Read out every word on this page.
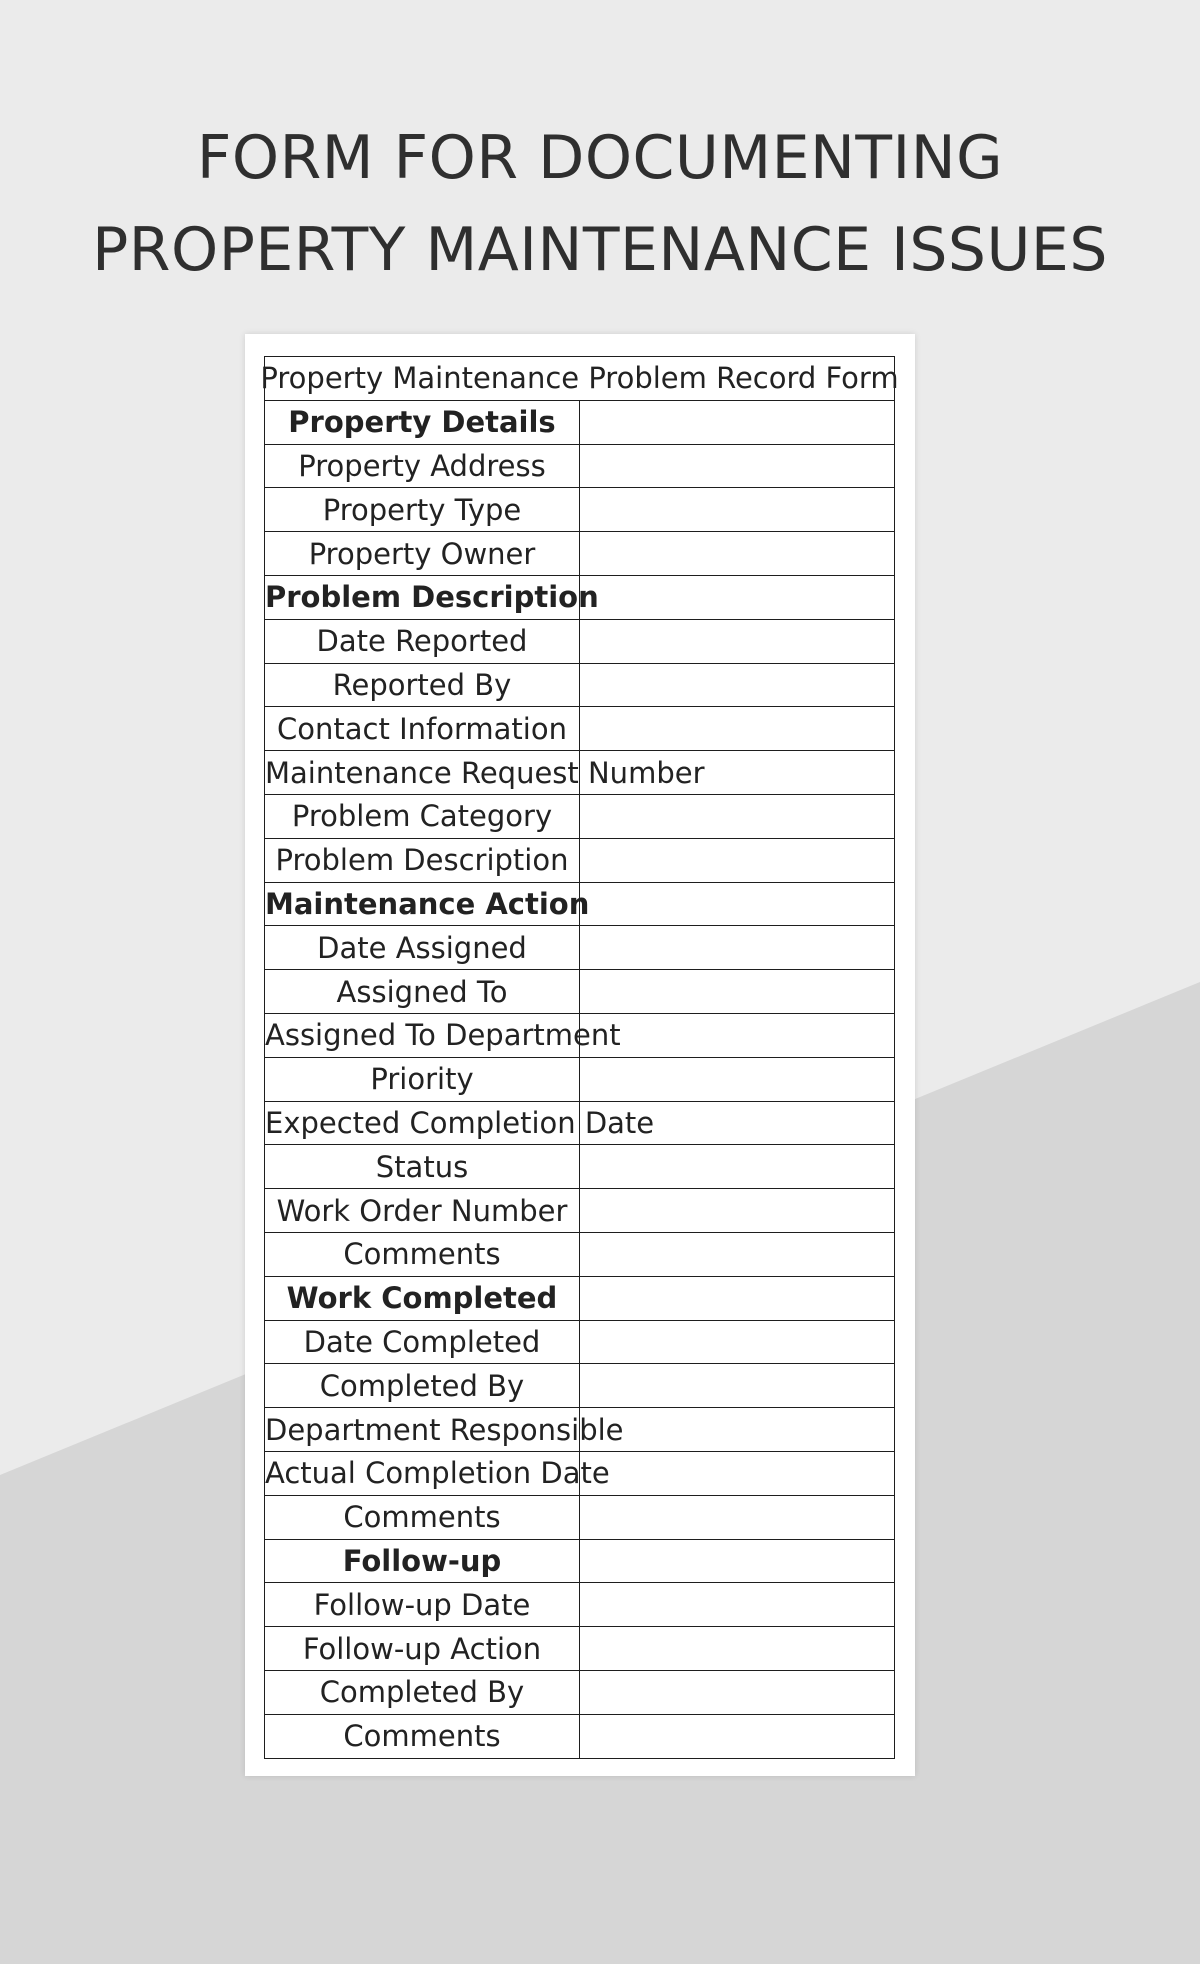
FORM FOR DOCUMENTING
PROPERTY MAINTENANCE ISSUES
Property Maintenance Problem Record Form	

Property Details	
Property Address	
Property Type	
Property Owner	
Problem Description	
Date Reported	
Reported By	
Contact Information	
Maintenance Request Number	
Problem Category	
Problem Description	
Maintenance Action	
Date Assigned	
Assigned To	
Assigned To Department	
Priority	
Expected Completion Date	
Status	
Work Order Number	
Comments	
Work Completed	
Date Completed	
Completed By	
Department Responsible	
Actual Completion Date	
Comments	
Follow-up	
Follow-up Date	
Follow-up Action	
Completed By	
Comments	
